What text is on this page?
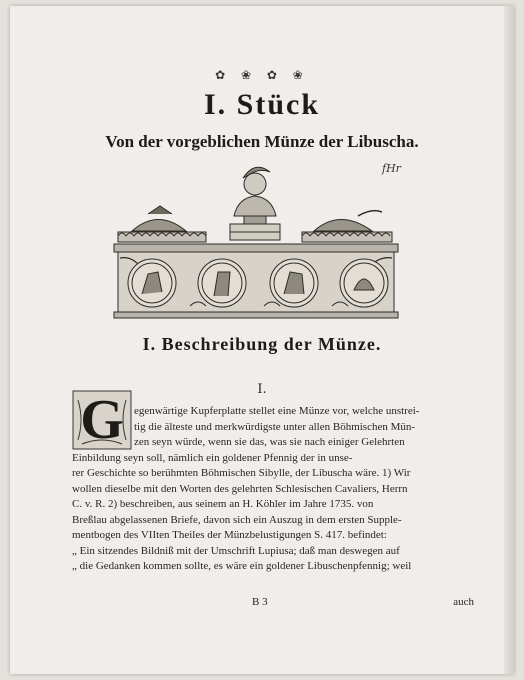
✿ ❀ ✿ ❀
I. Stück
Von der vorgeblichen Münze der Libuscha.
fHr
I. Beschreibung der Münze.
I.
G egenwärtige Kupferplatte stellet eine Münze vor, welche unstrei-
tig die älteste und merkwürdigste unter allen Böhmischen Mün-
zen seyn würde, wenn sie das, was sie nach einiger Gelehrten
Einbildung seyn soll, nämlich ein goldener Pfennig der in unse-
rer Geschichte so berühmten Böhmischen Sibylle, der Libuscha wäre. 1) Wir
wollen dieselbe mit den Worten des gelehrten Schlesischen Cavaliers, Herrn
C. v. R. 2) beschreiben, aus seinem an H. Köhler im Jahre 1735. von
Breßlau abgelassenen Briefe, davon sich ein Auszug in dem ersten Supple-
mentbogen des VIIten Theiles der Münzbelustigungen S. 417. befindet:
„ Ein sitzendes Bildniß mit der Umschrift Lupiusa; daß man deswegen auf
„ die Gedanken kommen sollte, es wäre ein goldener Libuschenpfennig; weil
B 3	auch
